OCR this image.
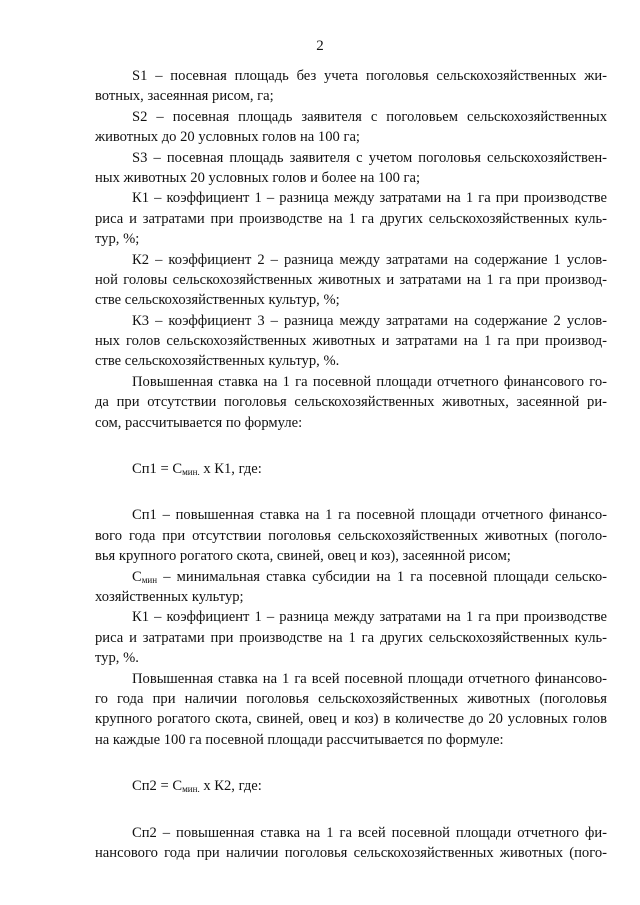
2
S1 – посевная площадь без учета поголовья сельскохозяйственных жи-
вотных, засеянная рисом, га;
S2 – посевная площадь заявителя с поголовьем сельскохозяйственных
животных до 20 условных голов на 100 га;
S3 – посевная площадь заявителя с учетом поголовья сельскохозяйствен-
ных животных 20 условных голов и более на 100 га;
К1 – коэффициент 1 – разница между затратами на 1 га при производстве
риса и затратами при производстве на 1 га других сельскохозяйственных куль-
тур, %;
К2 – коэффициент 2 – разница между затратами на содержание 1 услов-
ной головы сельскохозяйственных животных и затратами на 1 га при производ-
стве сельскохозяйственных культур, %;
К3 – коэффициент 3 – разница между затратами на содержание 2 услов-
ных голов сельскохозяйственных животных и затратами на 1 га при производ-
стве сельскохозяйственных культур, %.
Повышенная ставка на 1 га посевной площади отчетного финансового го-
да при отсутствии поголовья сельскохозяйственных животных, засеянной ри-
сом, рассчитывается по формуле:
$Сп1 = С_{мин.}$ х К1, где:
Сп1 – повышенная ставка на 1 га посевной площади отчетного финансо-
вого года при отсутствии поголовья сельскохозяйственных животных (поголо-
вья крупного рогатого скота, свиней, овец и коз), засеянной рисом;
$С_{мин}$ – минимальная ставка субсидии на 1 га посевной площади сельско-
хозяйственных культур;
К1 – коэффициент 1 – разница между затратами на 1 га при производстве
риса и затратами при производстве на 1 га других сельскохозяйственных куль-
тур, %.
Повышенная ставка на 1 га всей посевной площади отчетного финансово-
го года при наличии поголовья сельскохозяйственных животных (поголовья
крупного рогатого скота, свиней, овец и коз) в количестве до 20 условных голов
на каждые 100 га посевной площади рассчитывается по формуле:
$Сп2 = С_{мин.}$ х К2, где:
Сп2 – повышенная ставка на 1 га всей посевной площади отчетного фи-
нансового года при наличии поголовья сельскохозяйственных животных (пого-
